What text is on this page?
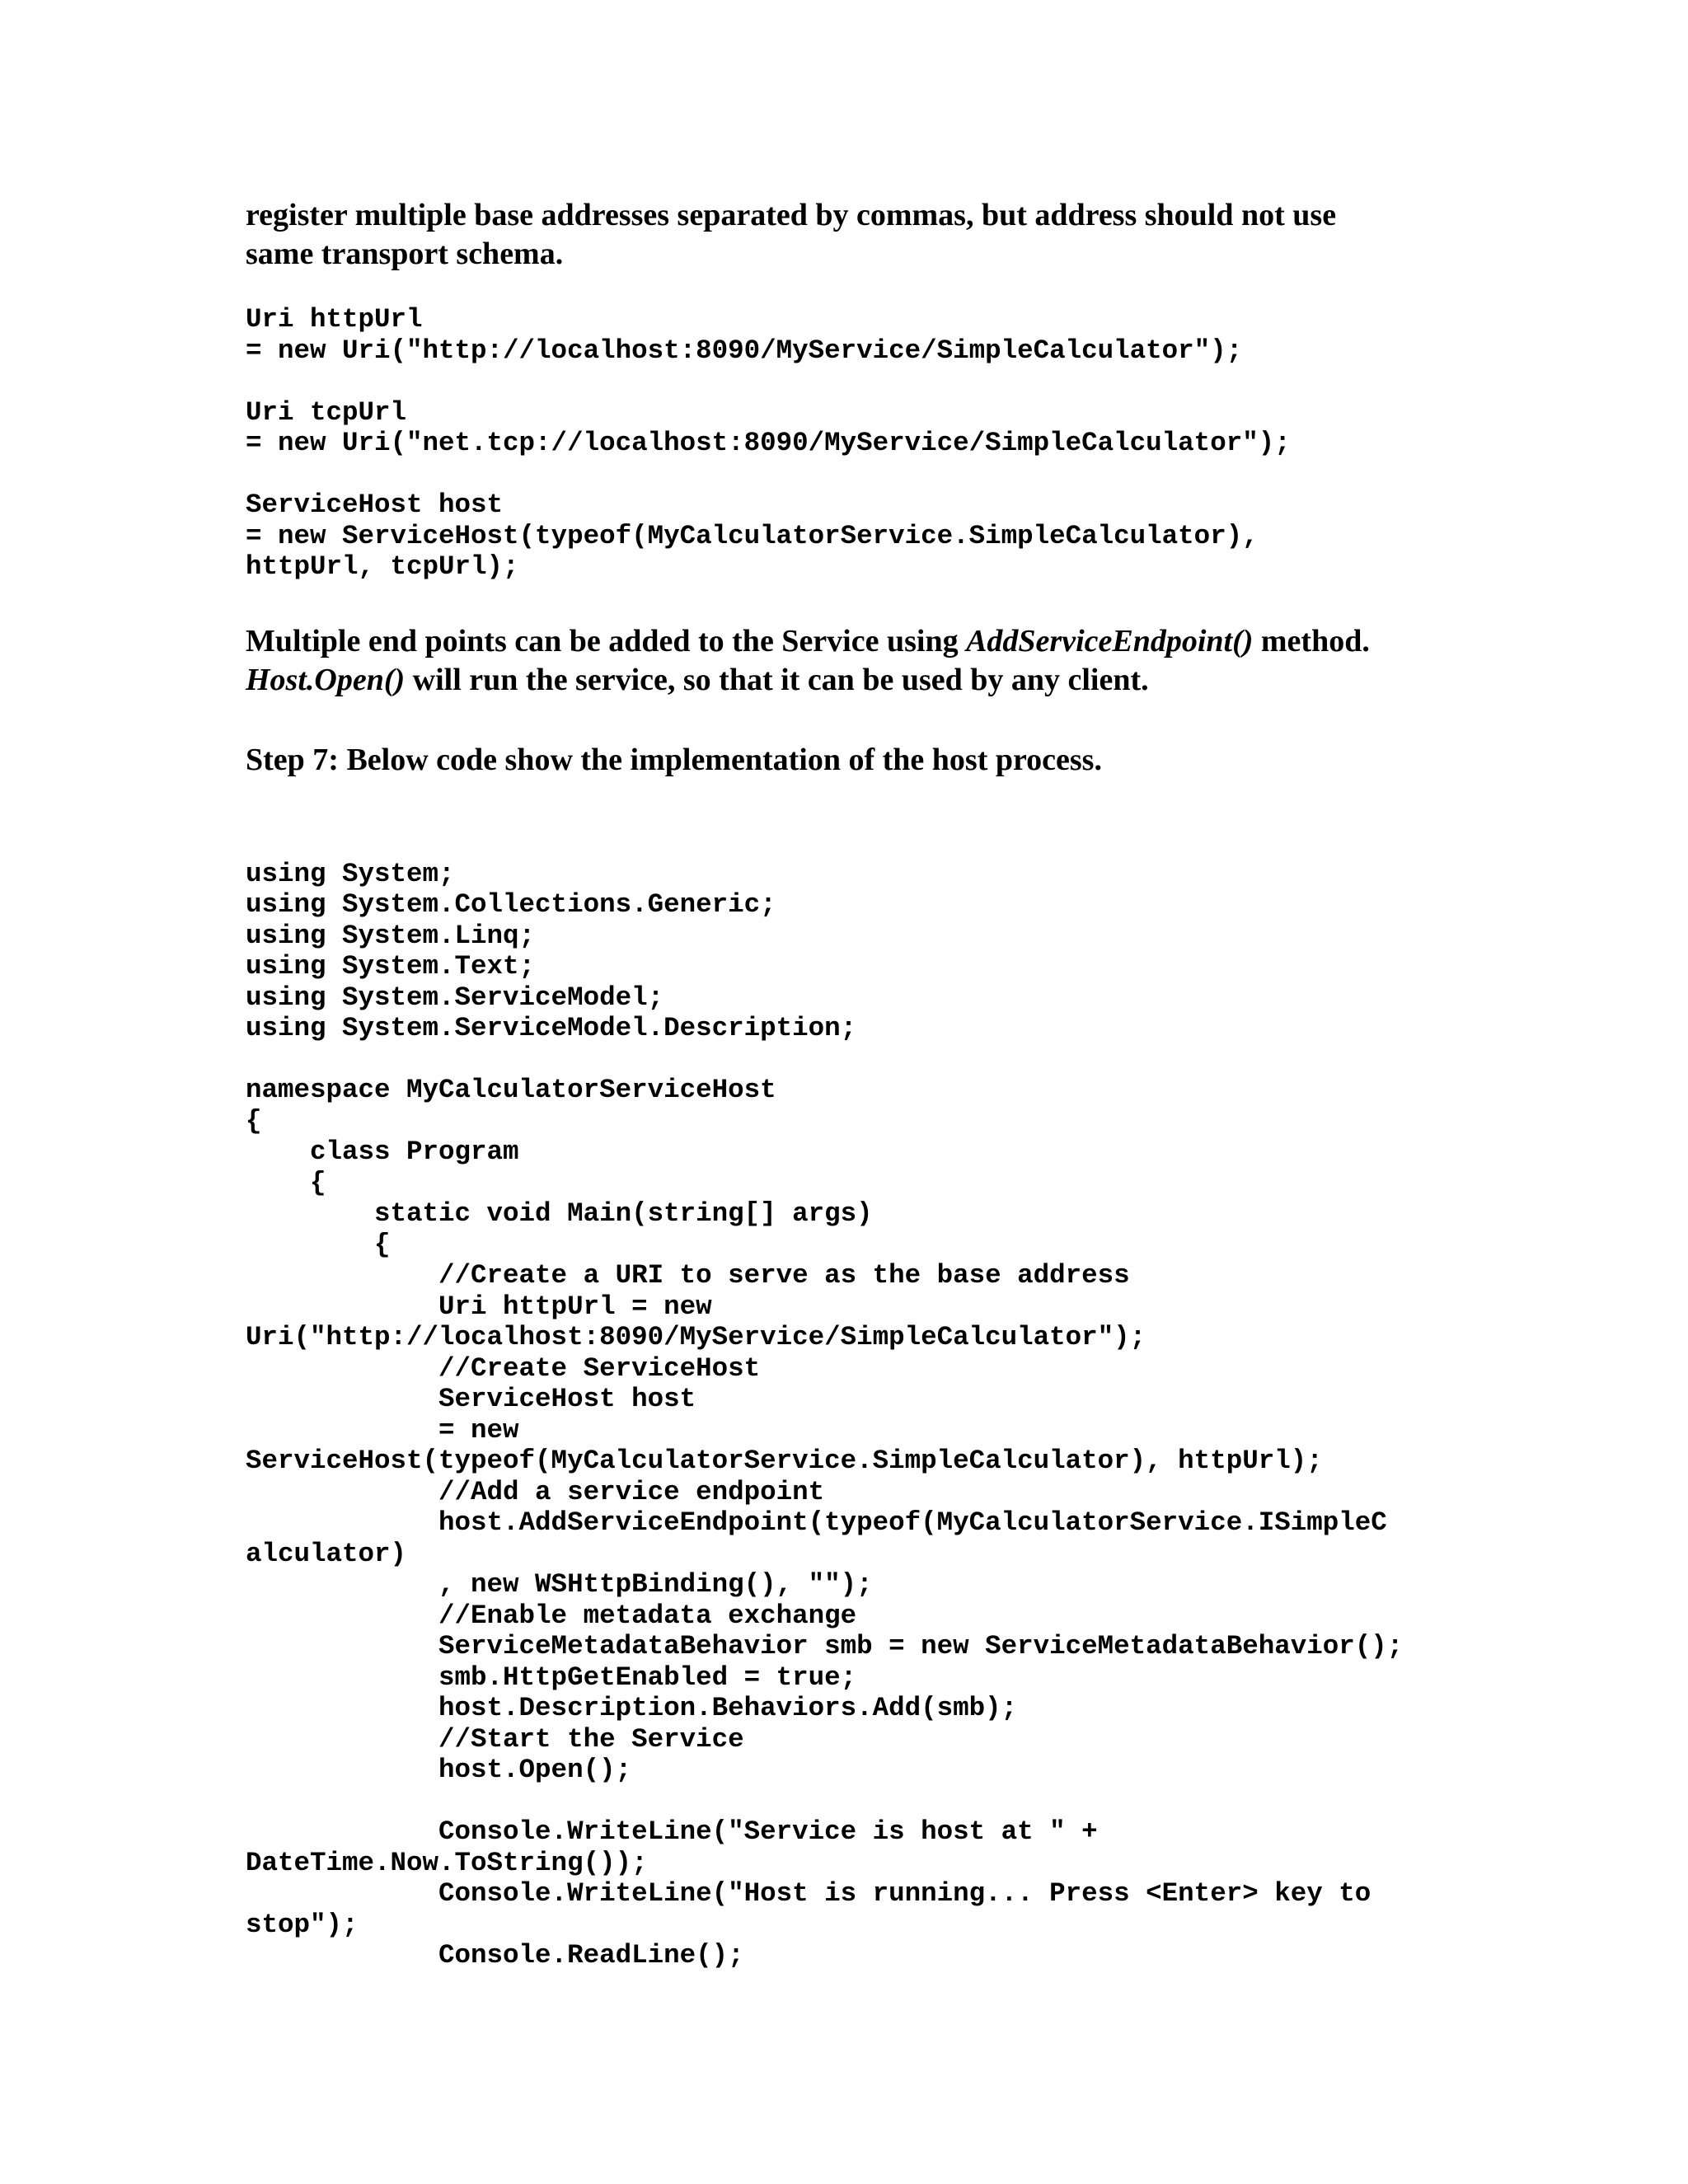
register multiple base addresses separated by commas, but address should not use
same transport schema.

Uri httpUrl
= new Uri("http://localhost:8090/MyService/SimpleCalculator");

Uri tcpUrl
= new Uri("net.tcp://localhost:8090/MyService/SimpleCalculator");

ServiceHost host
= new ServiceHost(typeof(MyCalculatorService.SimpleCalculator),
httpUrl, tcpUrl);

Multiple end points can be added to the Service using AddServiceEndpoint() method.
Host.Open() will run the service, so that it can be used by any client.

Step 7: Below code show the implementation of the host process.

using System;
using System.Collections.Generic;
using System.Linq;
using System.Text;
using System.ServiceModel;
using System.ServiceModel.Description;

namespace MyCalculatorServiceHost
{
class Program
{
static void Main(string[] args)
{
//Create a URI to serve as the base address
Uri httpUrl = new
Uri("http://localhost:8090/MyService/SimpleCalculator");
//Create ServiceHost
ServiceHost host
= new
ServiceHost(typeof(MyCalculatorService.SimpleCalculator), httpUrl);
//Add a service endpoint
host.AddServiceEndpoint(typeof(MyCalculatorService.ISimpleC
alculator)
, new WSHttpBinding(), "");
//Enable metadata exchange
ServiceMetadataBehavior smb = new ServiceMetadataBehavior();
smb.HttpGetEnabled = true;
host.Description.Behaviors.Add(smb);
//Start the Service
host.Open();

Console.WriteLine("Service is host at " +
DateTime.Now.ToString());
Console.WriteLine("Host is running... Press <Enter> key to
stop");
Console.ReadLine();
